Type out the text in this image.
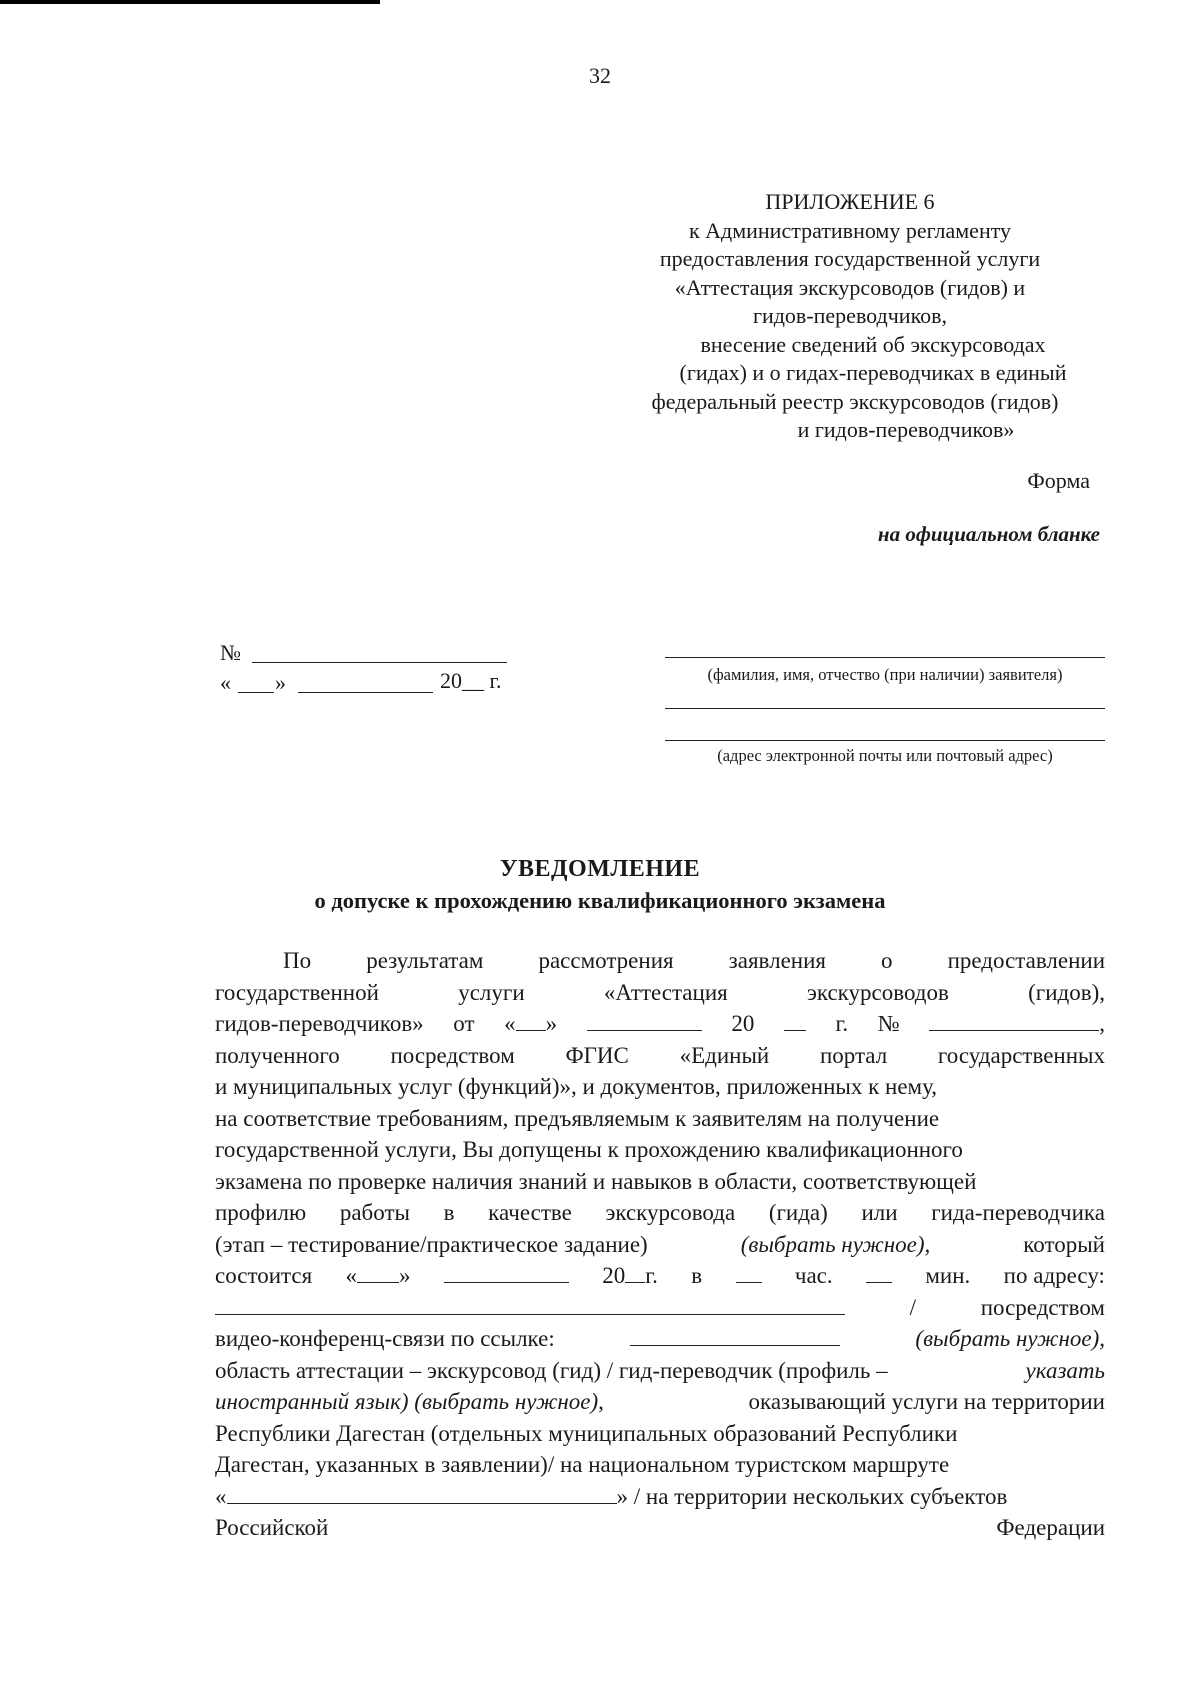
32
ПРИЛОЖЕНИЕ 6
к Административному регламенту
предоставления государственной услуги
«Аттестация экскурсоводов (гидов) и
гидов-переводчиков,
внесение сведений об экскурсоводах
(гидах) и о гидах-переводчиках в единый
федеральный реестр экскурсоводов (гидов)
и гидов-переводчиков»
Форма
на официальном бланке
№
« »	20__ г.	(фамилия, имя, отчество (при наличии) заявителя)
(адрес электронной почты или почтовый адрес)
УВЕДОМЛЕНИЕ
о допуске к прохождению квалификационного экзамена
По результатам рассмотрения заявления о предоставлении
государственной	услуги	«Аттестация	экскурсоводов	(гидов),
гидов-переводчиков» от « »	20	г. №	,
полученного посредством ФГИС «Единый портал государственных
и муниципальных услуг (функций)», и документов, приложенных к нему,
на соответствие требованиям, предъявляемым к заявителям на получение
государственной услуги, Вы допущены к прохождению квалификационного
экзамена по проверке наличия знаний и навыков в области, соответствующей
профилю работы в качестве экскурсовода (гида) или гида-переводчика
(этап – тестирование/практическое задание)	(выбрать нужное),	который
состоится « »	20 г. в	час.	мин. по адресу:
/	посредством
видео-конференц-связи по ссылке:	(выбрать нужное),
область аттестации – экскурсовод (гид) / гид-переводчик (профиль –	указать
иностранный язык) (выбрать нужное),	оказывающий услуги на территории
Республики Дагестан (отдельных муниципальных образований Республики
Дагестан, указанных в заявлении)/ на национальном туристском маршруте
«	» / на территории нескольких субъектов
Российской	Федерации
